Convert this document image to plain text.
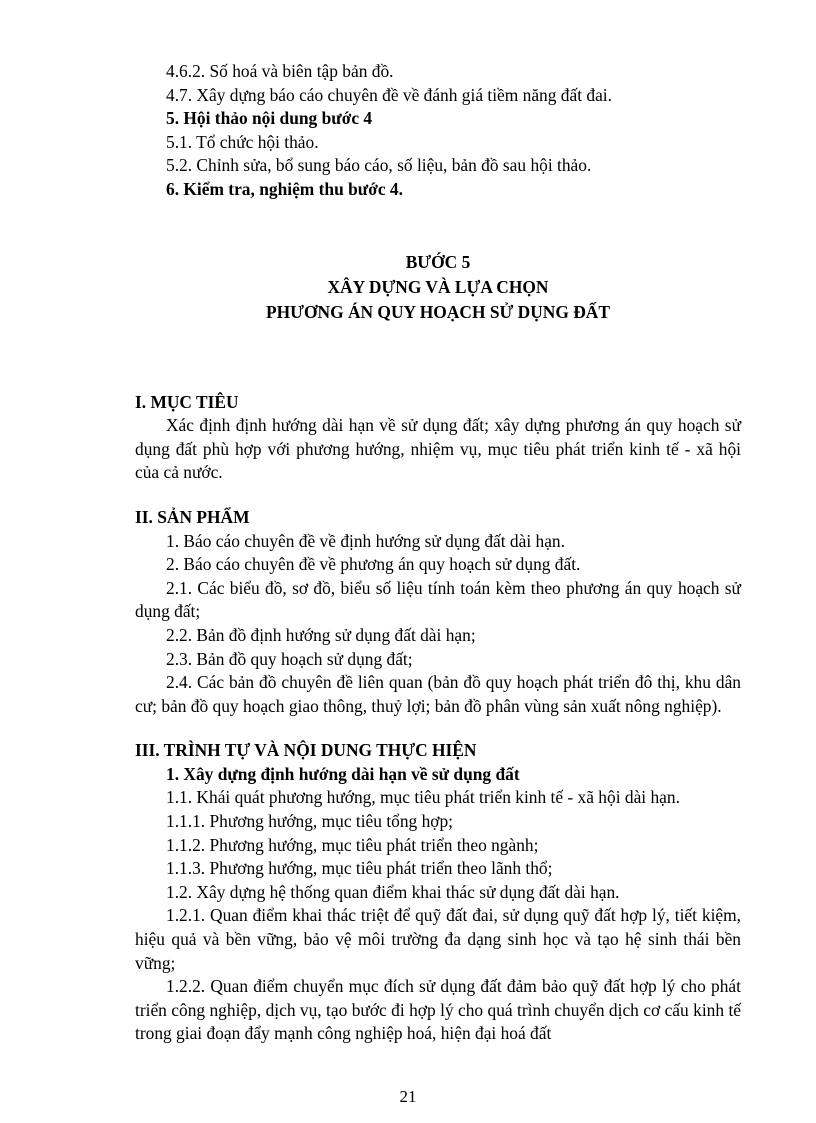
4.6.2. Số hoá và biên tập bản đồ.

4.7. Xây dựng báo cáo chuyên đề về đánh giá tiềm năng đất đai.

5. Hội thảo nội dung bước 4

5.1. Tổ chức hội thảo.

5.2. Chỉnh sửa, bổ sung báo cáo, số liệu, bản đồ sau hội thảo.

6. Kiểm tra, nghiệm thu bước 4.

BƯỚC 5

XÂY DỰNG VÀ LỰA CHỌN

PHƯƠNG ÁN QUY HOẠCH SỬ DỤNG ĐẤT

I. MỤC TIÊU

Xác định định hướng dài hạn về sử dụng đất; xây dựng phương án quy hoạch sử dụng đất phù hợp với phương hướng, nhiệm vụ, mục tiêu phát triển kinh tế - xã hội của cả nước.

II. SẢN PHẨM

1. Báo cáo chuyên đề về định hướng sử dụng đất dài hạn.

2. Báo cáo chuyên đề về phương án quy hoạch sử dụng đất.

2.1. Các biểu đồ, sơ đồ, biểu số liệu tính toán kèm theo phương án quy hoạch sử dụng đất;

2.2. Bản đồ định hướng sử dụng đất dài hạn;

2.3. Bản đồ quy hoạch sử dụng đất;

2.4. Các bản đồ chuyên đề liên quan (bản đồ quy hoạch phát triển đô thị, khu dân cư; bản đồ quy hoạch giao thông, thuỷ lợi; bản đồ phân vùng sản xuất nông nghiệp).

III. TRÌNH TỰ VÀ NỘI DUNG THỰC HIỆN

1. Xây dựng định hướng dài hạn về sử dụng đất

1.1. Khái quát phương hướng, mục tiêu phát triển kinh tế - xã hội dài hạn.

1.1.1. Phương hướng, mục tiêu tổng hợp;

1.1.2. Phương hướng, mục tiêu phát triển theo ngành;

1.1.3. Phương hướng, mục tiêu phát triển theo lãnh thổ;

1.2. Xây dựng hệ thống quan điểm khai thác sử dụng đất dài hạn.

1.2.1. Quan điểm khai thác triệt để quỹ đất đai, sử dụng quỹ đất hợp lý, tiết kiệm, hiệu quả và bền vững, bảo vệ môi trường đa dạng sinh học và tạo hệ sinh thái bền vững;

1.2.2. Quan điểm chuyển mục đích sử dụng đất đảm bảo quỹ đất hợp lý cho phát triển công nghiệp, dịch vụ, tạo bước đi hợp lý cho quá trình chuyển dịch cơ cấu kinh tế trong giai đoạn đẩy mạnh công nghiệp hoá, hiện đại hoá đất

21
